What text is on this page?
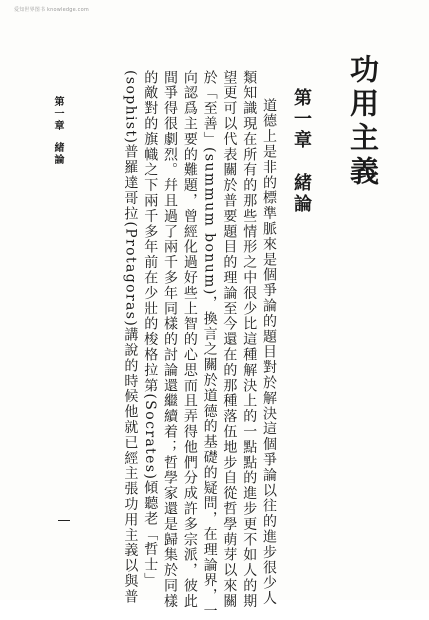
爱知世界图书 knowledge.com
功用主義
第一章緒論

道德上是非的標準脈來是個爭論的題目對於解決這個爭論以往的進步很少人類知識現在所有的那些情形之中很少比這種解決上的一點點的進步更不如人的期望更可以代表關於普要題目的理論至今還在的那種落伍地步自從哲學萌芽以來關於「至善」(summum bonum)，換言之關於道德的基礎的疑問，在理論界，一向認爲主要的難題，曾經化過好些上智的心思而且弄得他們分成許多宗派，彼此間爭得很劇烈。幷且過了兩千多年同樣的討論還繼續着；哲學家還是歸集於同樣的敵對的旗幟之下兩千多年前在少壯的梭格拉第(Socrates)傾聽老「哲士」(sophist)普羅達哥拉(Protagoras)講說的時候他就已經主張功用主義以與普

第一章緒論
